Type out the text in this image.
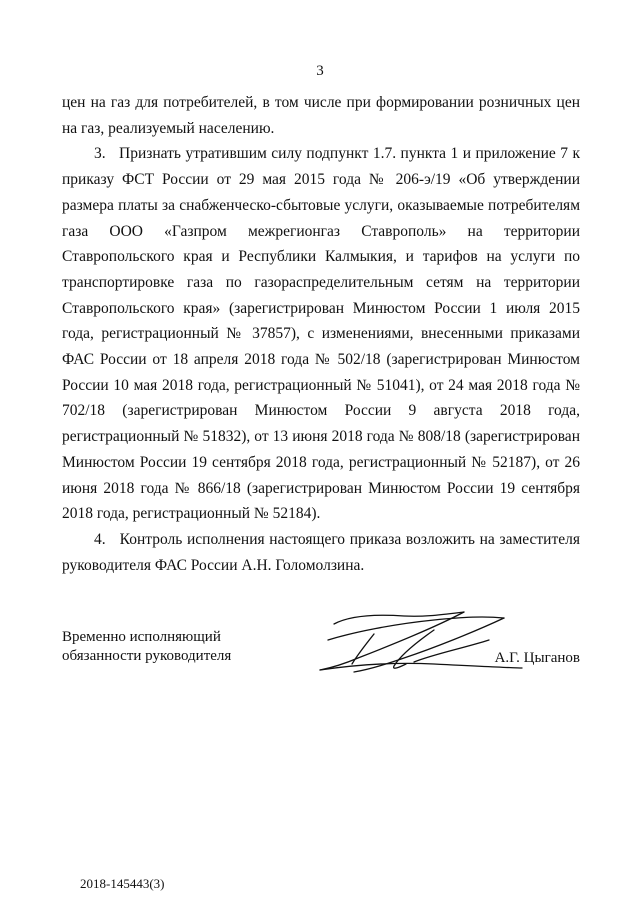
3

цен на газ для потребителей, в том числе при формировании розничных цен на газ, реализуемый населению.

3.   Признать утратившим силу подпункт 1.7. пункта 1 и приложение 7 к приказу ФСТ России от 29 мая 2015 года № 206-э/19 «Об утверждении размера платы за снабженческо-сбытовые услуги, оказываемые потребителям газа ООО «Газпром межрегионгаз Ставрополь» на территории Ставропольского края и Республики Калмыкия, и тарифов на услуги по транспортировке газа по газораспределительным сетям на территории Ставропольского края» (зарегистрирован Минюстом России 1 июля 2015 года, регистрационный № 37857), с изменениями, внесенными приказами ФАС России от 18 апреля 2018 года № 502/18 (зарегистрирован Минюстом России 10 мая 2018 года, регистрационный № 51041), от 24 мая 2018 года № 702/18 (зарегистрирован Минюстом России 9 августа 2018 года, регистрационный № 51832), от 13 июня 2018 года № 808/18 (зарегистрирован Минюстом России 19 сентября 2018 года, регистрационный № 52187), от 26 июня 2018 года № 866/18 (зарегистрирован Минюстом России 19 сентября 2018 года, регистрационный № 52184).

4.   Контроль исполнения настоящего приказа возложить на заместителя руководителя ФАС России А.Н. Голомолзина.

Временно исполняющий
обязанности руководителя	А.Г. Цыганов
2018-145443(3)
